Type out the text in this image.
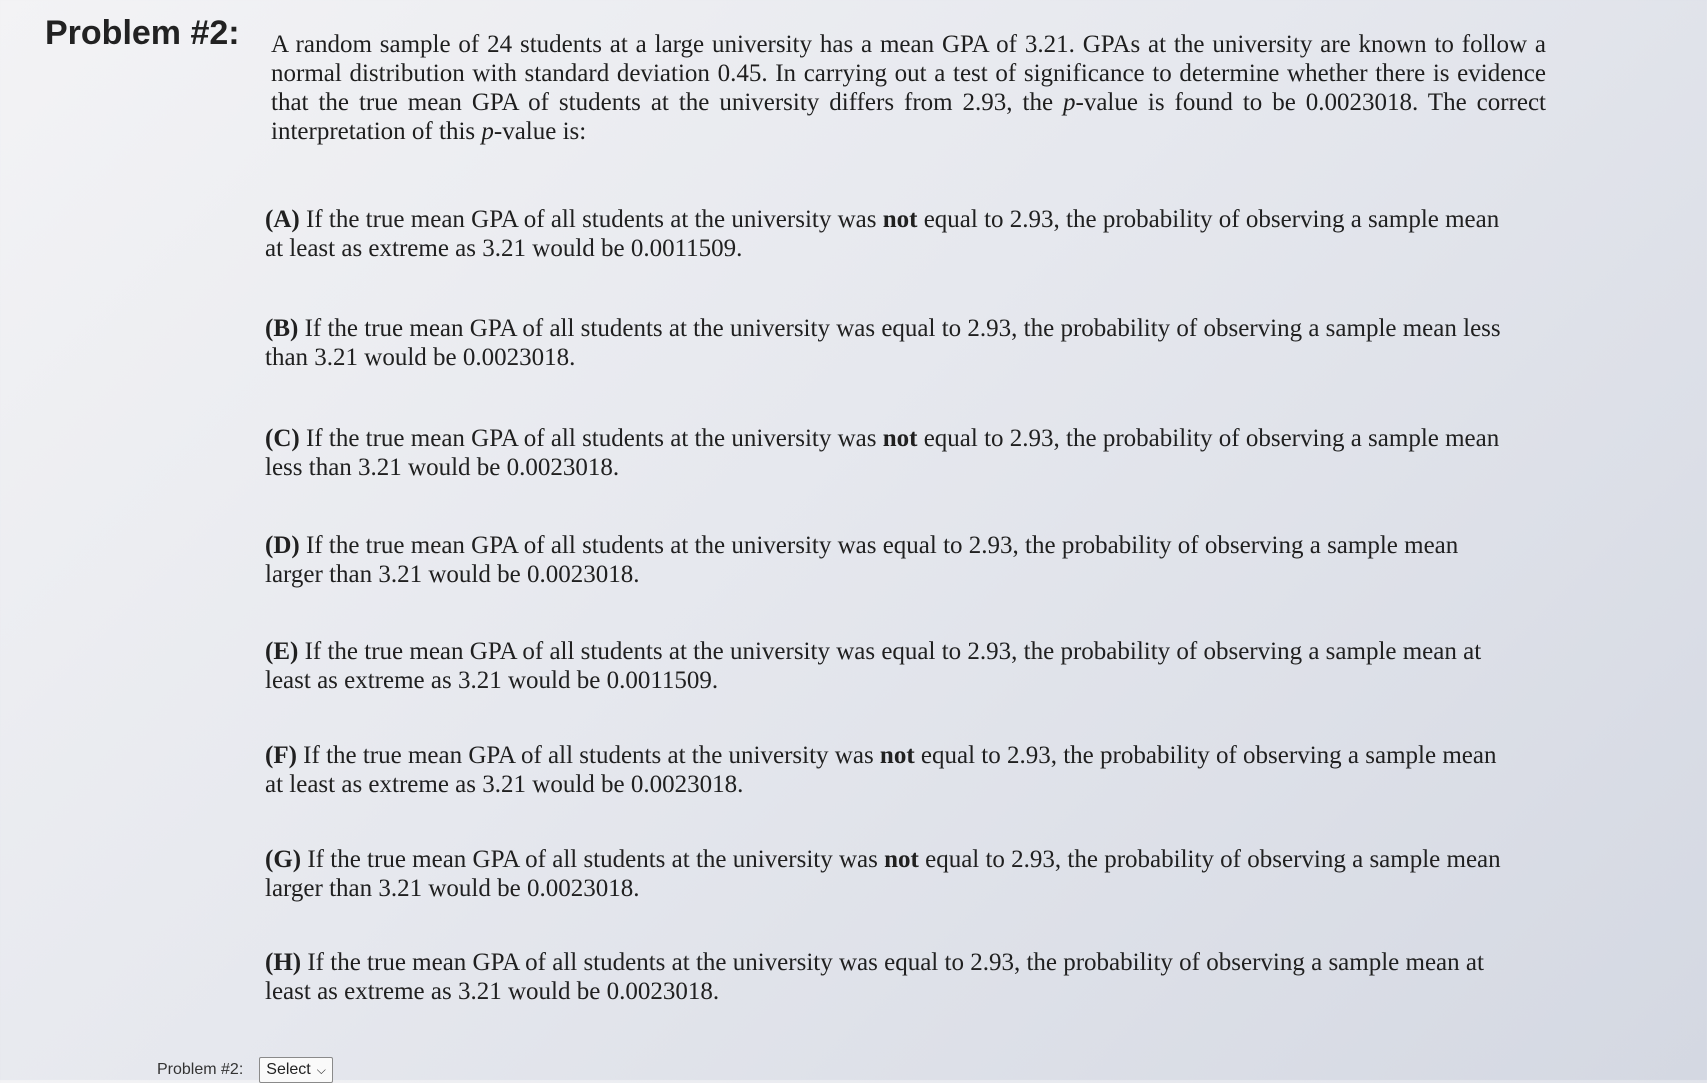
Problem #2: A random sample of 24 students at a large university has a mean GPA of 3.21. GPAs at the university are known to follow a normal distribution with standard deviation 0.45. In carrying out a test of significance to determine whether there is evidence that the true mean GPA of students at the university differs from 2.93, the p-value is found to be 0.0023018. The correct interpretation of this p-value is:
(A) If the true mean GPA of all students at the university was not equal to 2.93, the probability of observing a sample mean at least as extreme as 3.21 would be 0.0011509.
(B) If the true mean GPA of all students at the university was equal to 2.93, the probability of observing a sample mean less than 3.21 would be 0.0023018.
(C) If the true mean GPA of all students at the university was not equal to 2.93, the probability of observing a sample mean less than 3.21 would be 0.0023018.
(D) If the true mean GPA of all students at the university was equal to 2.93, the probability of observing a sample mean larger than 3.21 would be 0.0023018.
(E) If the true mean GPA of all students at the university was equal to 2.93, the probability of observing a sample mean at least as extreme as 3.21 would be 0.0011509.
(F) If the true mean GPA of all students at the university was not equal to 2.93, the probability of observing a sample mean at least as extreme as 3.21 would be 0.0023018.
(G) If the true mean GPA of all students at the university was not equal to 2.93, the probability of observing a sample mean larger than 3.21 would be 0.0023018.
(H) If the true mean GPA of all students at the university was equal to 2.93, the probability of observing a sample mean at least as extreme as 3.21 would be 0.0023018.
Problem #2: Select ⌵
